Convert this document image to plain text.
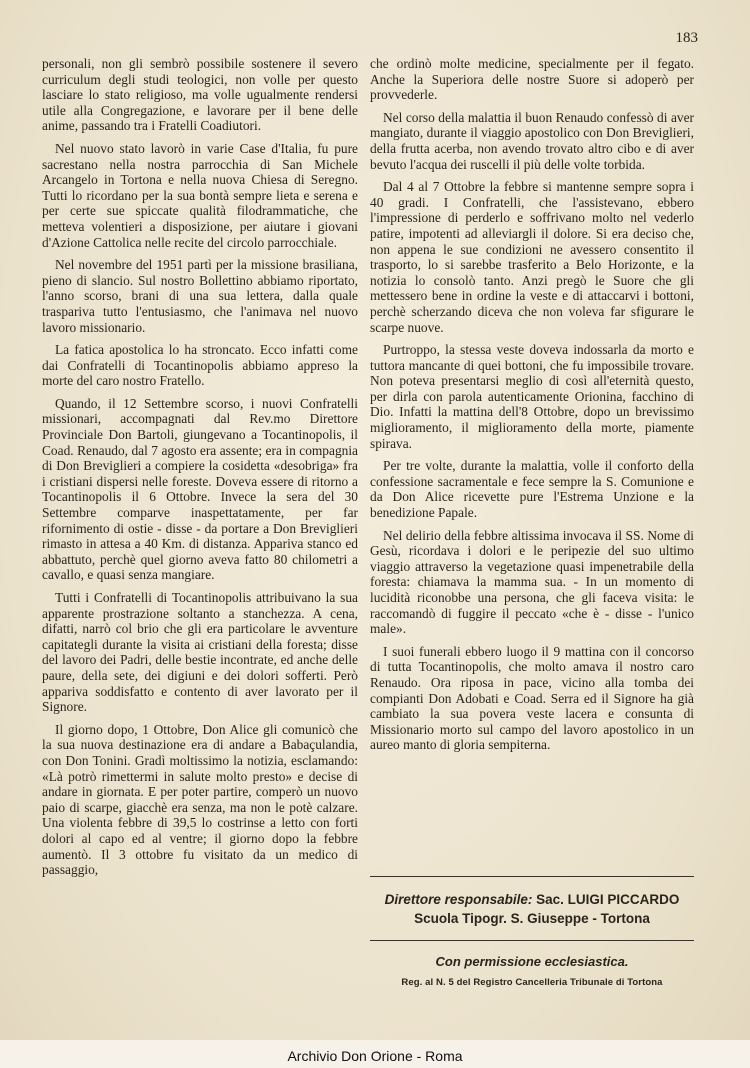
183

personali, non gli sembrò possibile sostenere il severo curriculum degli studi teologici, non volle per questo lasciare lo stato religioso, ma volle ugualmente rendersi utile alla Congregazione, e lavorare per il bene delle anime, passando tra i Fratelli Coadiutori.

Nel nuovo stato lavorò in varie Case d'Italia, fu pure sacrestano nella nostra parrocchia di San Michele Arcangelo in Tortona e nella nuova Chiesa di Seregno. Tutti lo ricordano per la sua bontà sempre lieta e serena e per certe sue spiccate qualità filodrammatiche, che metteva volentieri a disposizione, per aiutare i giovani d'Azione Cattolica nelle recite del circolo parrocchiale.

Nel novembre del 1951 partì per la missione brasiliana, pieno di slancio. Sul nostro Bollettino abbiamo riportato, l'anno scorso, brani di una sua lettera, dalla quale traspariva tutto l'entusiasmo, che l'animava nel nuovo lavoro missionario.

La fatica apostolica lo ha stroncato. Ecco infatti come dai Confratelli di Tocantinopolis abbiamo appreso la morte del caro nostro Fratello.

Quando, il 12 Settembre scorso, i nuovi Confratelli missionari, accompagnati dal Rev.mo Direttore Provinciale Don Bartoli, giungevano a Tocantinopolis, il Coad. Renaudo, dal 7 agosto era assente; era in compagnia di Don Breviglieri a compiere la cosidetta «desobriga» fra i cristiani dispersi nelle foreste. Doveva essere di ritorno a Tocantinopolis il 6 Ottobre. Invece la sera del 30 Settembre comparve inaspettatamente, per far rifornimento di ostie - disse - da portare a Don Breviglieri rimasto in attesa a 40 Km. di distanza. Appariva stanco ed abbattuto, perchè quel giorno aveva fatto 80 chilometri a cavallo, e quasi senza mangiare.

Tutti i Confratelli di Tocantinopolis attribuivano la sua apparente prostrazione soltanto a stanchezza. A cena, difatti, narrò col brio che gli era particolare le avventure capitategli durante la visita ai cristiani della foresta; disse del lavoro dei Padri, delle bestie incontrate, ed anche delle paure, della sete, dei digiuni e dei dolori sofferti. Però appariva soddisfatto e contento di aver lavorato per il Signore.

Il giorno dopo, 1 Ottobre, Don Alice gli comunicò che la sua nuova destinazione era di andare a Babaçulandia, con Don Tonini. Gradì moltissimo la notizia, esclamando: «Là potrò rimettermi in salute molto presto» e decise di andare in giornata. E per poter partire, comperò un nuovo paio di scarpe, giacchè era senza, ma non le potè calzare. Una violenta febbre di 39,5 lo costrinse a letto con forti dolori al capo ed al ventre; il giorno dopo la febbre aumentò. Il 3 ottobre fu visitato da un medico di passaggio,

che ordinò molte medicine, specialmente per il fegato. Anche la Superiora delle nostre Suore si adoperò per provvederle.

Nel corso della malattia il buon Renaudo confessò di aver mangiato, durante il viaggio apostolico con Don Breviglieri, della frutta acerba, non avendo trovato altro cibo e di aver bevuto l'acqua dei ruscelli il più delle volte torbida.

Dal 4 al 7 Ottobre la febbre si mantenne sempre sopra i 40 gradi. I Confratelli, che l'assistevano, ebbero l'impressione di perderlo e soffrivano molto nel vederlo patire, impotenti ad alleviargli il dolore. Si era deciso che, non appena le sue condizioni ne avessero consentito il trasporto, lo si sarebbe trasferito a Belo Horizonte, e la notizia lo consolò tanto. Anzi pregò le Suore che gli mettessero bene in ordine la veste e di attaccarvi i bottoni, perchè scherzando diceva che non voleva far sfigurare le scarpe nuove.

Purtroppo, la stessa veste doveva indossarla da morto e tuttora mancante di quei bottoni, che fu impossibile trovare. Non poteva presentarsi meglio di così all'eternità questo, per dirla con parola autenticamente Orionina, facchino di Dio. Infatti la mattina dell'8 Ottobre, dopo un brevissimo miglioramento, il miglioramento della morte, piamente spirava.

Per tre volte, durante la malattia, volle il conforto della confessione sacramentale e fece sempre la S. Comunione e da Don Alice ricevette pure l'Estrema Unzione e la benedizione Papale.

Nel delirio della febbre altissima invocava il SS. Nome di Gesù, ricordava i dolori e le peripezie del suo ultimo viaggio attraverso la vegetazione quasi impenetrabile della foresta: chiamava la mamma sua. - In un momento di lucidità riconobbe una persona, che gli faceva visita: le raccomandò di fuggire il peccato «che è - disse - l'unico male».

I suoi funerali ebbero luogo il 9 mattina con il concorso di tutta Tocantinopolis, che molto amava il nostro caro Renaudo. Ora riposa in pace, vicino alla tomba dei compianti Don Adobati e Coad. Serra ed il Signore ha già cambiato la sua povera veste lacera e consunta di Missionario morto sul campo del lavoro apostolico in un aureo manto di gloria sempiterna.

Direttore responsabile: Sac. LUIGI PICCARDO
Scuola Tipogr. S. Giuseppe - Tortona
Con permissione ecclesiastica.
Reg. al N. 5 del Registro Cancelleria Tribunale di Tortona
Archivio Don Orione - Roma
